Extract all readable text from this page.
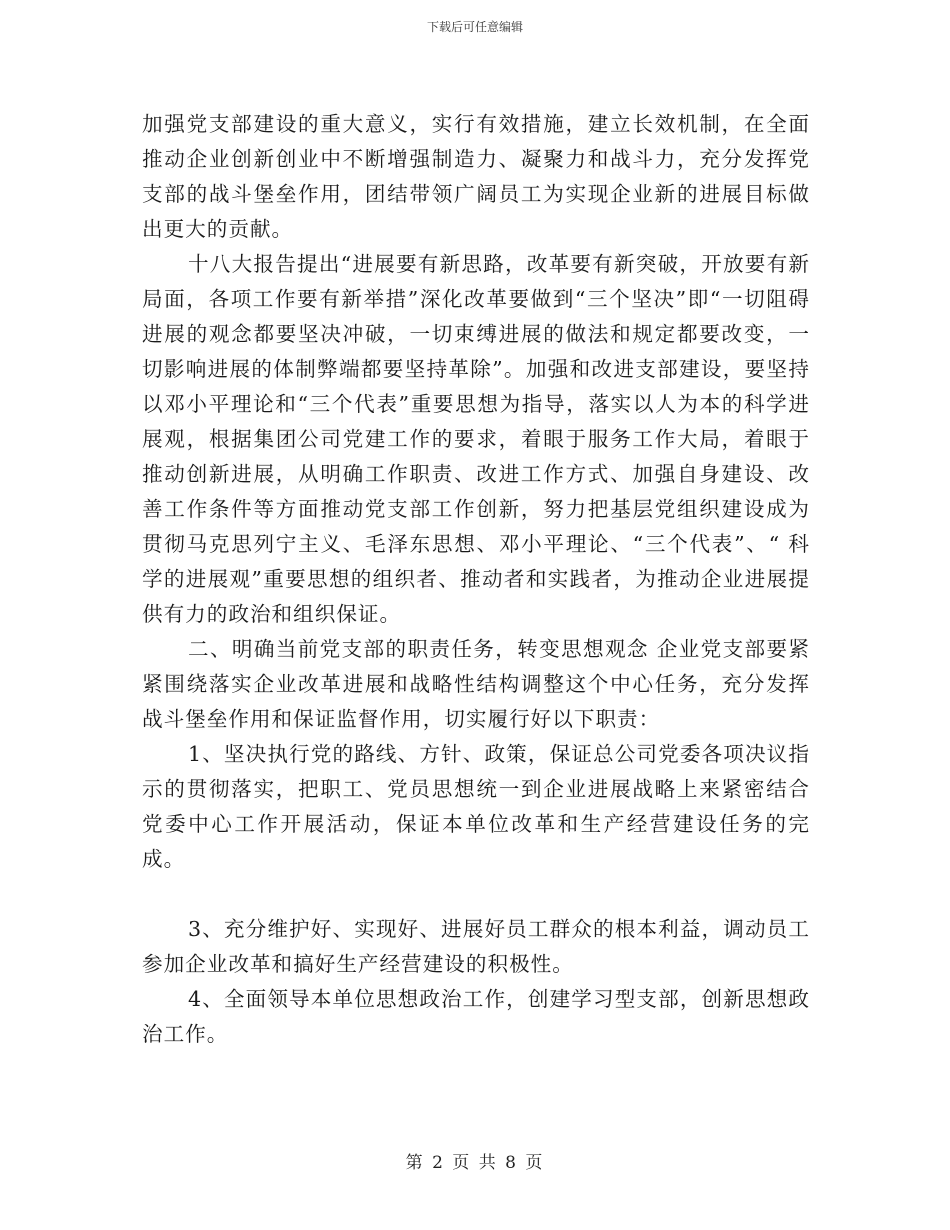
下载后可任意编辑

加强党支部建设的重大意义，实行有效措施，建立长效机制，在全面推动企业创新创业中不断增强制造力、凝聚力和战斗力，充分发挥党支部的战斗堡垒作用，团结带领广阔员工为实现企业新的进展目标做出更大的贡献。

十八大报告提出“进展要有新思路，改革要有新突破，开放要有新局面，各项工作要有新举措”深化改革要做到“三个坚决”即“一切阻碍进展的观念都要坚决冲破，一切束缚进展的做法和规定都要改变，一切影响进展的体制弊端都要坚持革除”。加强和改进支部建设，要坚持以邓小平理论和“三个代表”重要思想为指导，落实以人为本的科学进展观，根据集团公司党建工作的要求，着眼于服务工作大局，着眼于推动创新进展，从明确工作职责、改进工作方式、加强自身建设、改善工作条件等方面推动党支部工作创新，努力把基层党组织建设成为贯彻马克思列宁主义、毛泽东思想、邓小平理论、“三个代表”、“ 科学的进展观”重要思想的组织者、推动者和实践者，为推动企业进展提供有力的政治和组织保证。

二、明确当前党支部的职责任务，转变思想观念 企业党支部要紧紧围绕落实企业改革进展和战略性结构调整这个中心任务，充分发挥战斗堡垒作用和保证监督作用，切实履行好以下职责：

1、坚决执行党的路线、方针、政策，保证总公司党委各项决议指示的贯彻落实，把职工、党员思想统一到企业进展战略上来紧密结合党委中心工作开展活动，保证本单位改革和生产经营建设任务的完成。

3、充分维护好、实现好、进展好员工群众的根本利益，调动员工参加企业改革和搞好生产经营建设的积极性。

4、全面领导本单位思想政治工作，创建学习型支部，创新思想政治工作。

第 2 页 共 8 页
